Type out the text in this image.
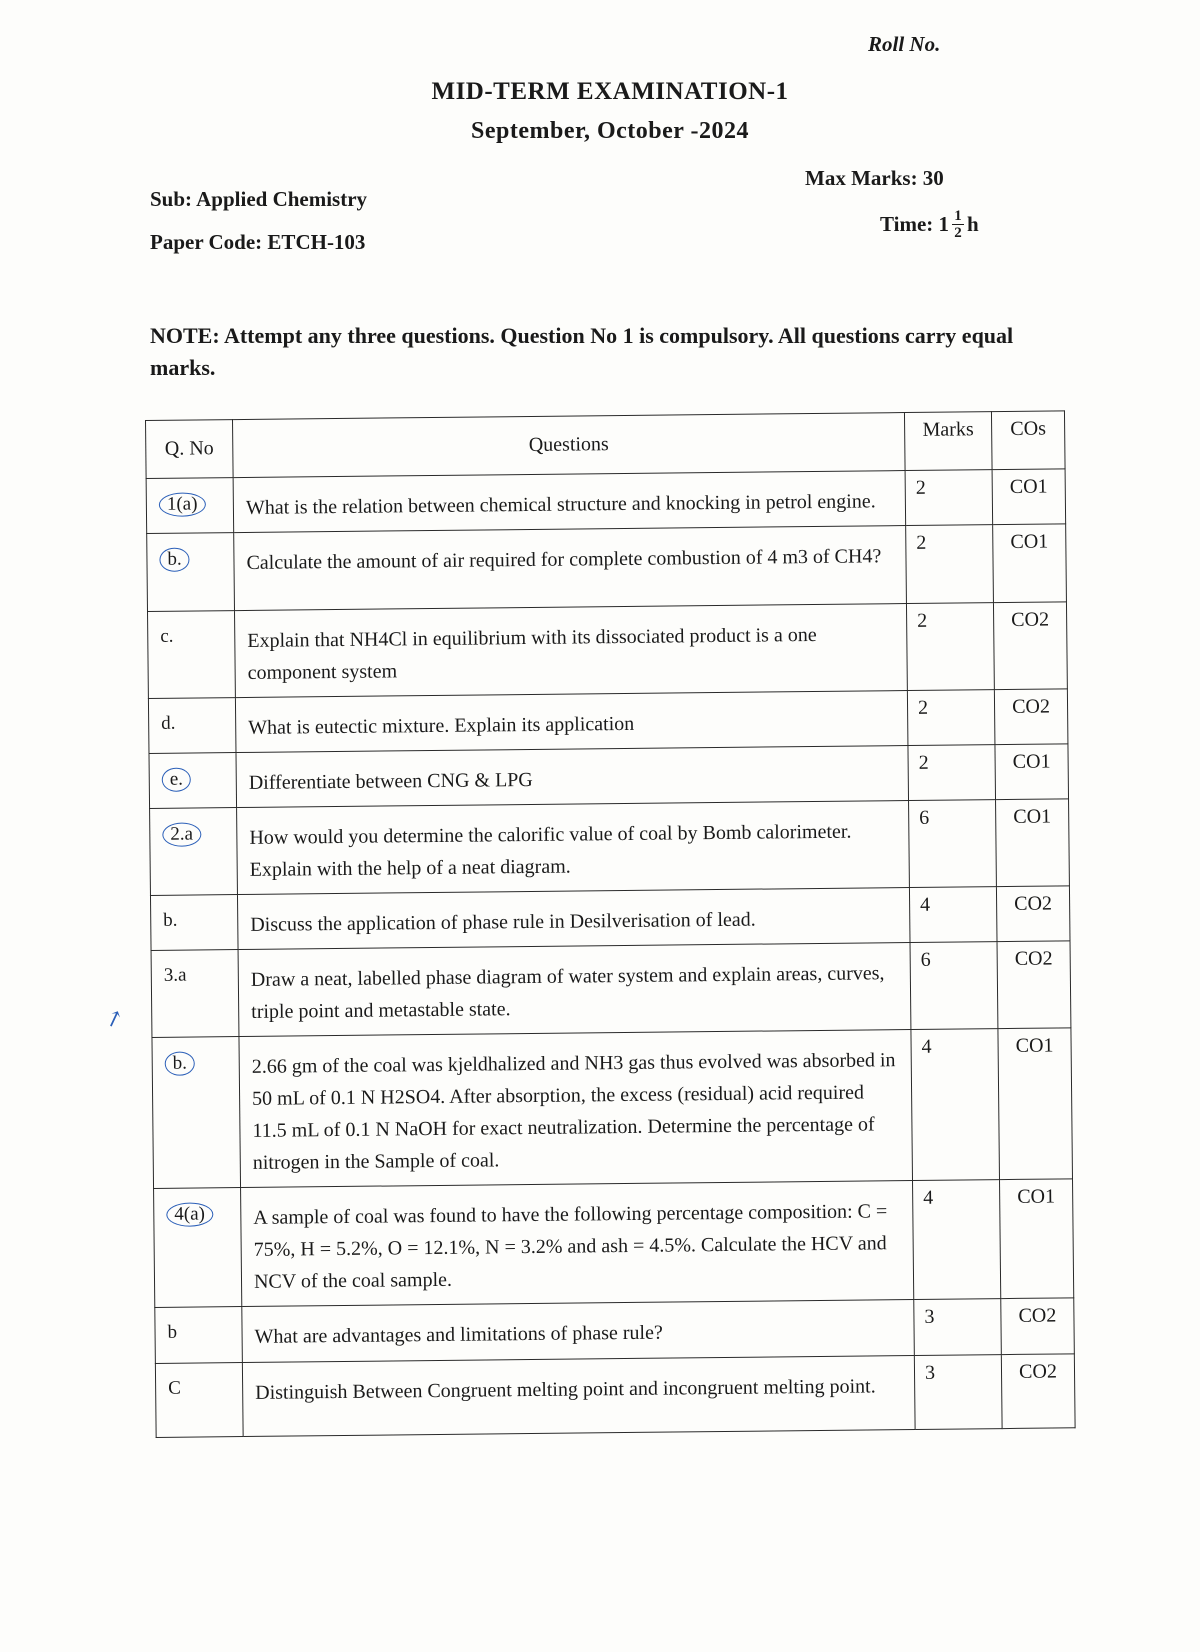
Roll No.
MID-TERM EXAMINATION-1
September, October -2024
Sub: Applied Chemistry
Paper Code: ETCH-103
Max Marks: 30
Time: $1 \frac{1}{2}$ h
NOTE: Attempt any three questions. Question No 1 is compulsory. All questions carry equal marks.
Q. No	Questions	Marks	COs
1(a)	What is the relation between chemical structure and knocking in petrol engine.	2	CO1
b.	Calculate the amount of air required for complete combustion of 4 m3 of CH4?	2	CO1
c.	Explain that NH4Cl in equilibrium with its dissociated product is a one component system	2	CO2
d.	What is eutectic mixture. Explain its application	2	CO2
e.	Differentiate between CNG & LPG	2	CO1
2.a	How would you determine the calorific value of coal by Bomb calorimeter. Explain with the help of a neat diagram.	6	CO1
b.	Discuss the application of phase rule in Desilverisation of lead.	4	CO2
3.a	Draw a neat, labelled phase diagram of water system and explain areas, curves, triple point and metastable state.	6	CO2
b.	2.66 gm of the coal was kjeldhalized and NH3 gas thus evolved was absorbed in 50 mL of 0.1 N H2SO4. After absorption, the excess (residual) acid required 11.5 mL of 0.1 N NaOH for exact neutralization. Determine the percentage of nitrogen in the Sample of coal.	4	CO1
4(a)	A sample of coal was found to have the following percentage composition: C = 75%, H = 5.2%, O = 12.1%, N = 3.2% and ash = 4.5%. Calculate the HCV and NCV of the coal sample.	4	CO1
b	What are advantages and limitations of phase rule?	3	CO2
C	Distinguish Between Congruent melting point and incongruent melting point.	3	CO2
↗
